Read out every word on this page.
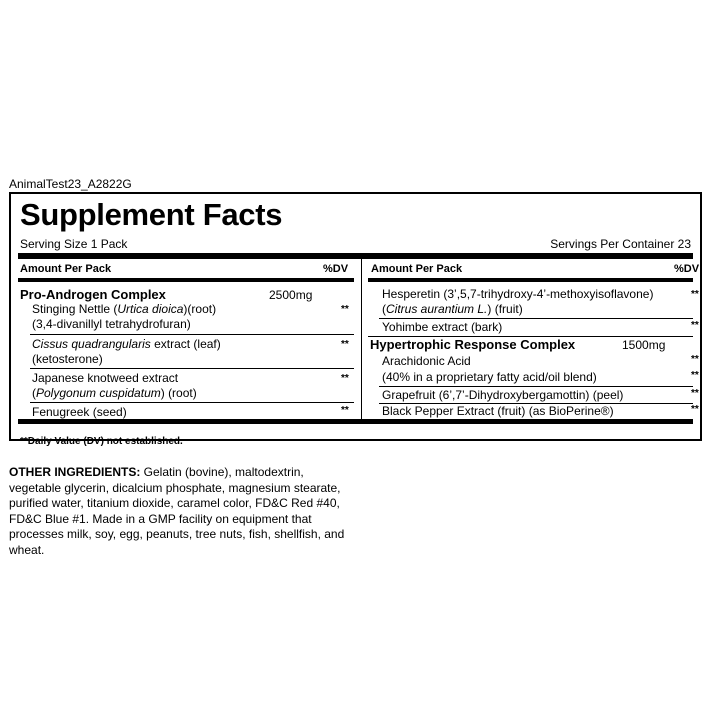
AnimalTest23_A2822G
Supplement Facts
Serving Size 1 Pack	Servings Per Container 23
Amount Per Pack	%DV Amount Per Pack	%DV
Pro-Androgen Complex	2500mg
Stinging Nettle (Urtica dioica)(root)
(3,4-divanillyl tetrahydrofuran)
**
Cissus quadrangularis extract (leaf)
(ketosterone)
**
Japanese knotweed extract
(Polygonum cuspidatum) (root)
**
Fenugreek (seed)	**
Hesperetin (3’,5,7-trihydroxy-4’-methoxyisoflavone)
(Citrus aurantium L.) (fruit)
**
Yohimbe extract (bark)	**
Hypertrophic Response Complex	1500mg
Arachidonic Acid	**
(40% in a proprietary fatty acid/oil blend)	**
Grapefruit (6’,7’-Dihydroxybergamottin) (peel)	**
Black Pepper Extract (fruit) (as BioPerine®)	**
**Daily Value (DV) not established.
OTHER INGREDIENTS: Gelatin (bovine), maltodextrin, vegetable glycerin, dicalcium phosphate, magnesium stearate, purified water, titanium dioxide, caramel color, FD&C Red #40, FD&C Blue #1. Made in a GMP facility on equipment that processes milk, soy, egg, peanuts, tree nuts, fish, shellfish, and wheat.
